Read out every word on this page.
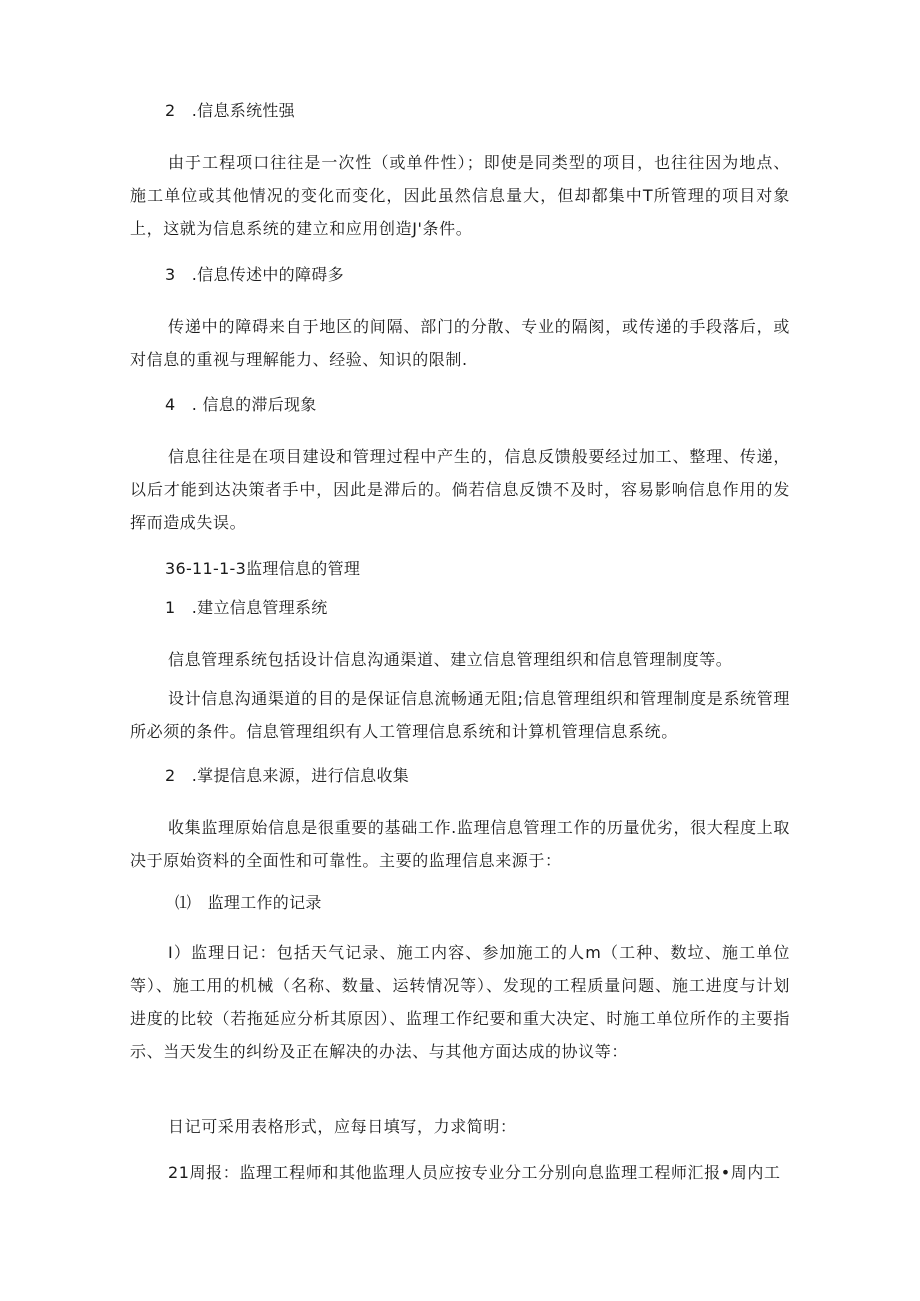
2　.信息系统性强
由于工程项口往往是一次性（或单件性）；即使是同类型的项目，也往往因为地点、施工单位或其他情况的变化而变化，因此虽然信息量大，但却都集中T所管理的项目对象上，这就为信息系统的建立和应用创造J'条件。
3　.信息传述中的障碍多
传递中的障碍来自于地区的间隔、部门的分散、专业的隔阂，或传递的手段落后，或对信息的重视与理解能力、经验、知识的限制.
4　. 信息的滞后现象
信息往往是在项目建设和管理过程中产生的，信息反馈般要经过加工、整理、传递，以后才能到达决策者手中，因此是滞后的。倘若信息反馈不及时，容易影响信息作用的发挥而造成失误。
36-11-1-3监理信息的管理
1　.建立信息管理系统
信息管理系统包括设计信息沟通渠道、建立信息管理组织和信息管理制度等。
设计信息沟通渠道的目的是保证信息流畅通无阻;信息管理组织和管理制度是系统管理所必须的条件。信息管理组织有人工管理信息系统和计算机管理信息系统。
2　.掌提信息来源，进行信息收集
收集监理原始信息是很重要的基础工作.监理信息管理工作的历量优劣，很大程度上取决于原始资料的全面性和可靠性。主要的监理信息来源于：
⑴　监理工作的记录
I）监理日记：包括天气记录、施工内容、参加施工的人m（工种、数垃、施工单位等）、施工用的机械（名称、数量、运转情况等）、发现的工程质量问题、施工进度与计划进度的比较（若拖延应分析其原因）、监理工作纪要和重大决定、时施工单位所作的主要指示、当天发生的纠纷及正在解决的办法、与其他方面达成的协议等：
日记可采用表格形式，应每日填写，力求简明：
21周报：监理工程师和其他监理人员应按专业分工分别向息监理工程师汇报•周内工
